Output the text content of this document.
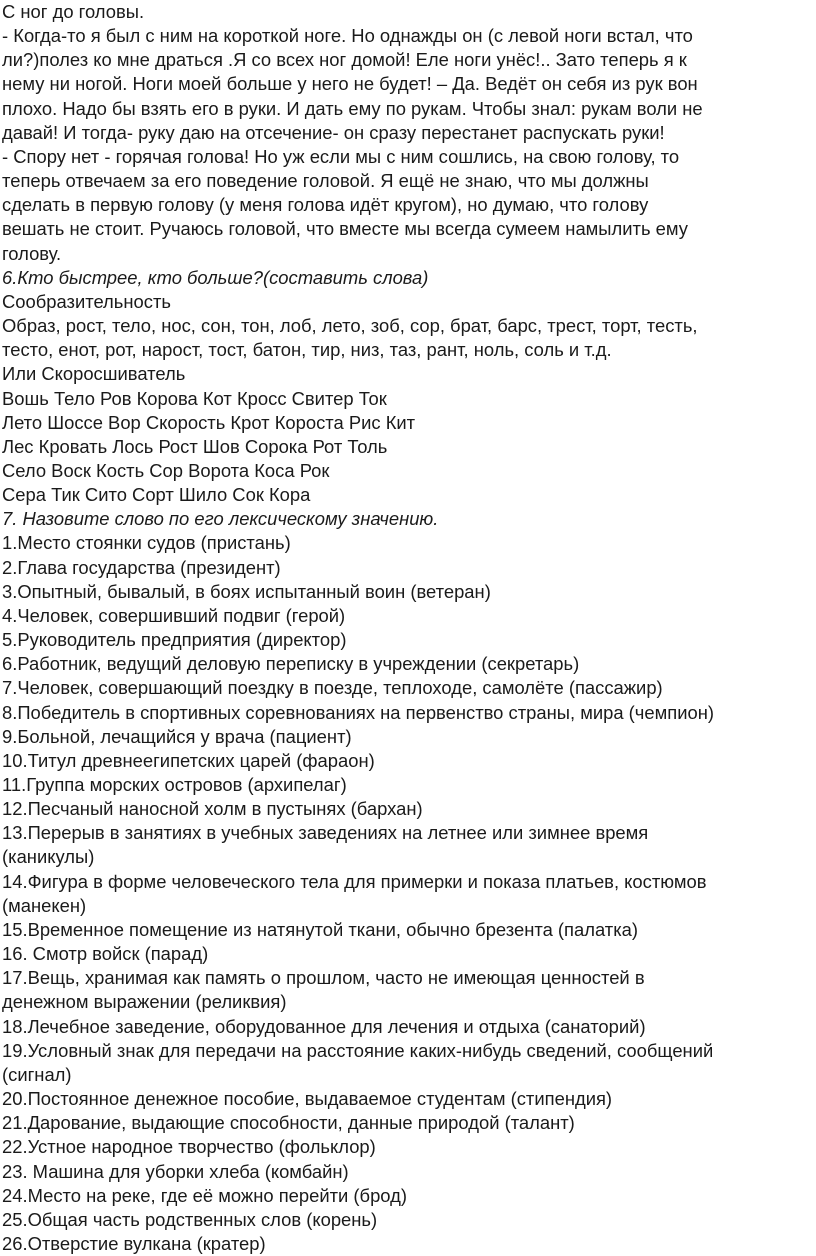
С ног до головы.
- Когда-то я был с ним на короткой ноге. Но однажды он (с левой ноги встал, что
ли?)полез ко мне драться .Я со всех ног домой! Еле ноги унёс!.. Зато теперь я к
нему ни ногой. Ноги моей больше у него не будет! – Да. Ведёт он себя из рук вон
плохо. Надо бы взять его в руки. И дать ему по рукам. Чтобы знал: рукам воли не
давай! И тогда- руку даю на отсечение- он сразу перестанет распускать руки!
- Спору нет - горячая голова! Но уж если мы с ним сошлись, на свою голову, то
теперь отвечаем за его поведение головой. Я ещё не знаю, что мы должны
сделать в первую голову (у меня голова идёт кругом), но думаю, что голову
вешать не стоит. Ручаюсь головой, что вместе мы всегда сумеем намылить ему
голову.
6.Кто быстрее, кто больше?(составить слова)
Сообразительность
Образ, рост, тело, нос, сон, тон, лоб, лето, зоб, сор, брат, барс, трест, торт, тесть,
тесто, енот, рот, нарост, тост, батон, тир, низ, таз, рант, ноль, соль и т.д.
Или Скоросшиватель
Вошь Тело Ров Корова Кот Кросс Свитер Ток
Лето Шоссе Вор Скорость Крот Короста Рис Кит
Лес Кровать Лось Рост Шов Сорока Рот Толь
Село Воск Кость Сор Ворота Коса Рок
Сера Тик Сито Сорт Шило Сок Кора
7. Назовите слово по его лексическому значению.
1.Место стоянки судов (пристань)
2.Глава государства (президент)
3.Опытный, бывалый, в боях испытанный воин (ветеран)
4.Человек, совершивший подвиг (герой)
5.Руководитель предприятия (директор)
6.Работник, ведущий деловую переписку в учреждении (секретарь)
7.Человек, совершающий поездку в поезде, теплоходе, самолёте (пассажир)
8.Победитель в спортивных соревнованиях на первенство страны, мира (чемпион)
9.Больной, лечащийся у врача (пациент)
10.Титул древнеегипетских царей (фараон)
11.Группа морских островов (архипелаг)
12.Песчаный наносной холм в пустынях (бархан)
13.Перерыв в занятиях в учебных заведениях на летнее или зимнее время
(каникулы)
14.Фигура в форме человеческого тела для примерки и показа платьев, костюмов
(манекен)
15.Временное помещение из натянутой ткани, обычно брезента (палатка)
16. Смотр войск (парад)
17.Вещь, хранимая как память о прошлом, часто не имеющая ценностей в
денежном выражении (реликвия)
18.Лечебное заведение, оборудованное для лечения и отдыха (санаторий)
19.Условный знак для передачи на расстояние каких-нибудь сведений, сообщений
(сигнал)
20.Постоянное денежное пособие, выдаваемое студентам (стипендия)
21.Дарование, выдающие способности, данные природой (талант)
22.Устное народное творчество (фольклор)
23. Машина для уборки хлеба (комбайн)
24.Место на реке, где её можно перейти (брод)
25.Общая часть родственных слов (корень)
26.Отверстие вулкана (кратер)
